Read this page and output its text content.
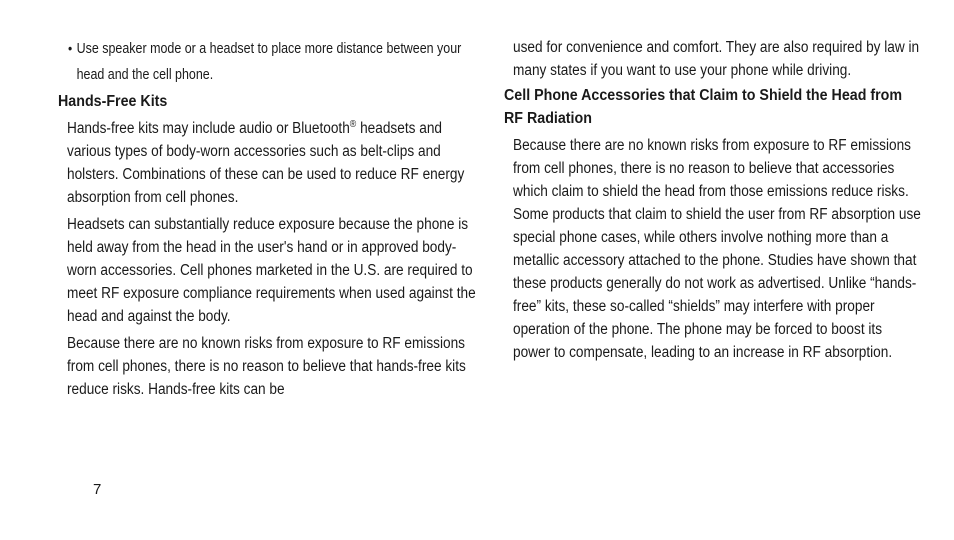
• Use speaker mode or a headset to place more distance between your head and the cell phone.
Hands-Free Kits
Hands-free kits may include audio or Bluetooth® headsets and various types of body-worn accessories such as belt-clips and holsters. Combinations of these can be used to reduce RF energy absorption from cell phones.
Headsets can substantially reduce exposure because the phone is held away from the head in the user's hand or in approved body-worn accessories. Cell phones marketed in the U.S. are required to meet RF exposure compliance requirements when used against the head and against the body.
Because there are no known risks from exposure to RF emissions from cell phones, there is no reason to believe that hands-free kits reduce risks. Hands-free kits can be
used for convenience and comfort. They are also required by law in many states if you want to use your phone while driving.
Cell Phone Accessories that Claim to Shield the Head from RF Radiation
Because there are no known risks from exposure to RF emissions from cell phones, there is no reason to believe that accessories which claim to shield the head from those emissions reduce risks. Some products that claim to shield the user from RF absorption use special phone cases, while others involve nothing more than a metallic accessory attached to the phone. Studies have shown that these products generally do not work as advertised. Unlike “hands-free” kits, these so-called “shields” may interfere with proper operation of the phone. The phone may be forced to boost its power to compensate, leading to an increase in RF absorption.
7
